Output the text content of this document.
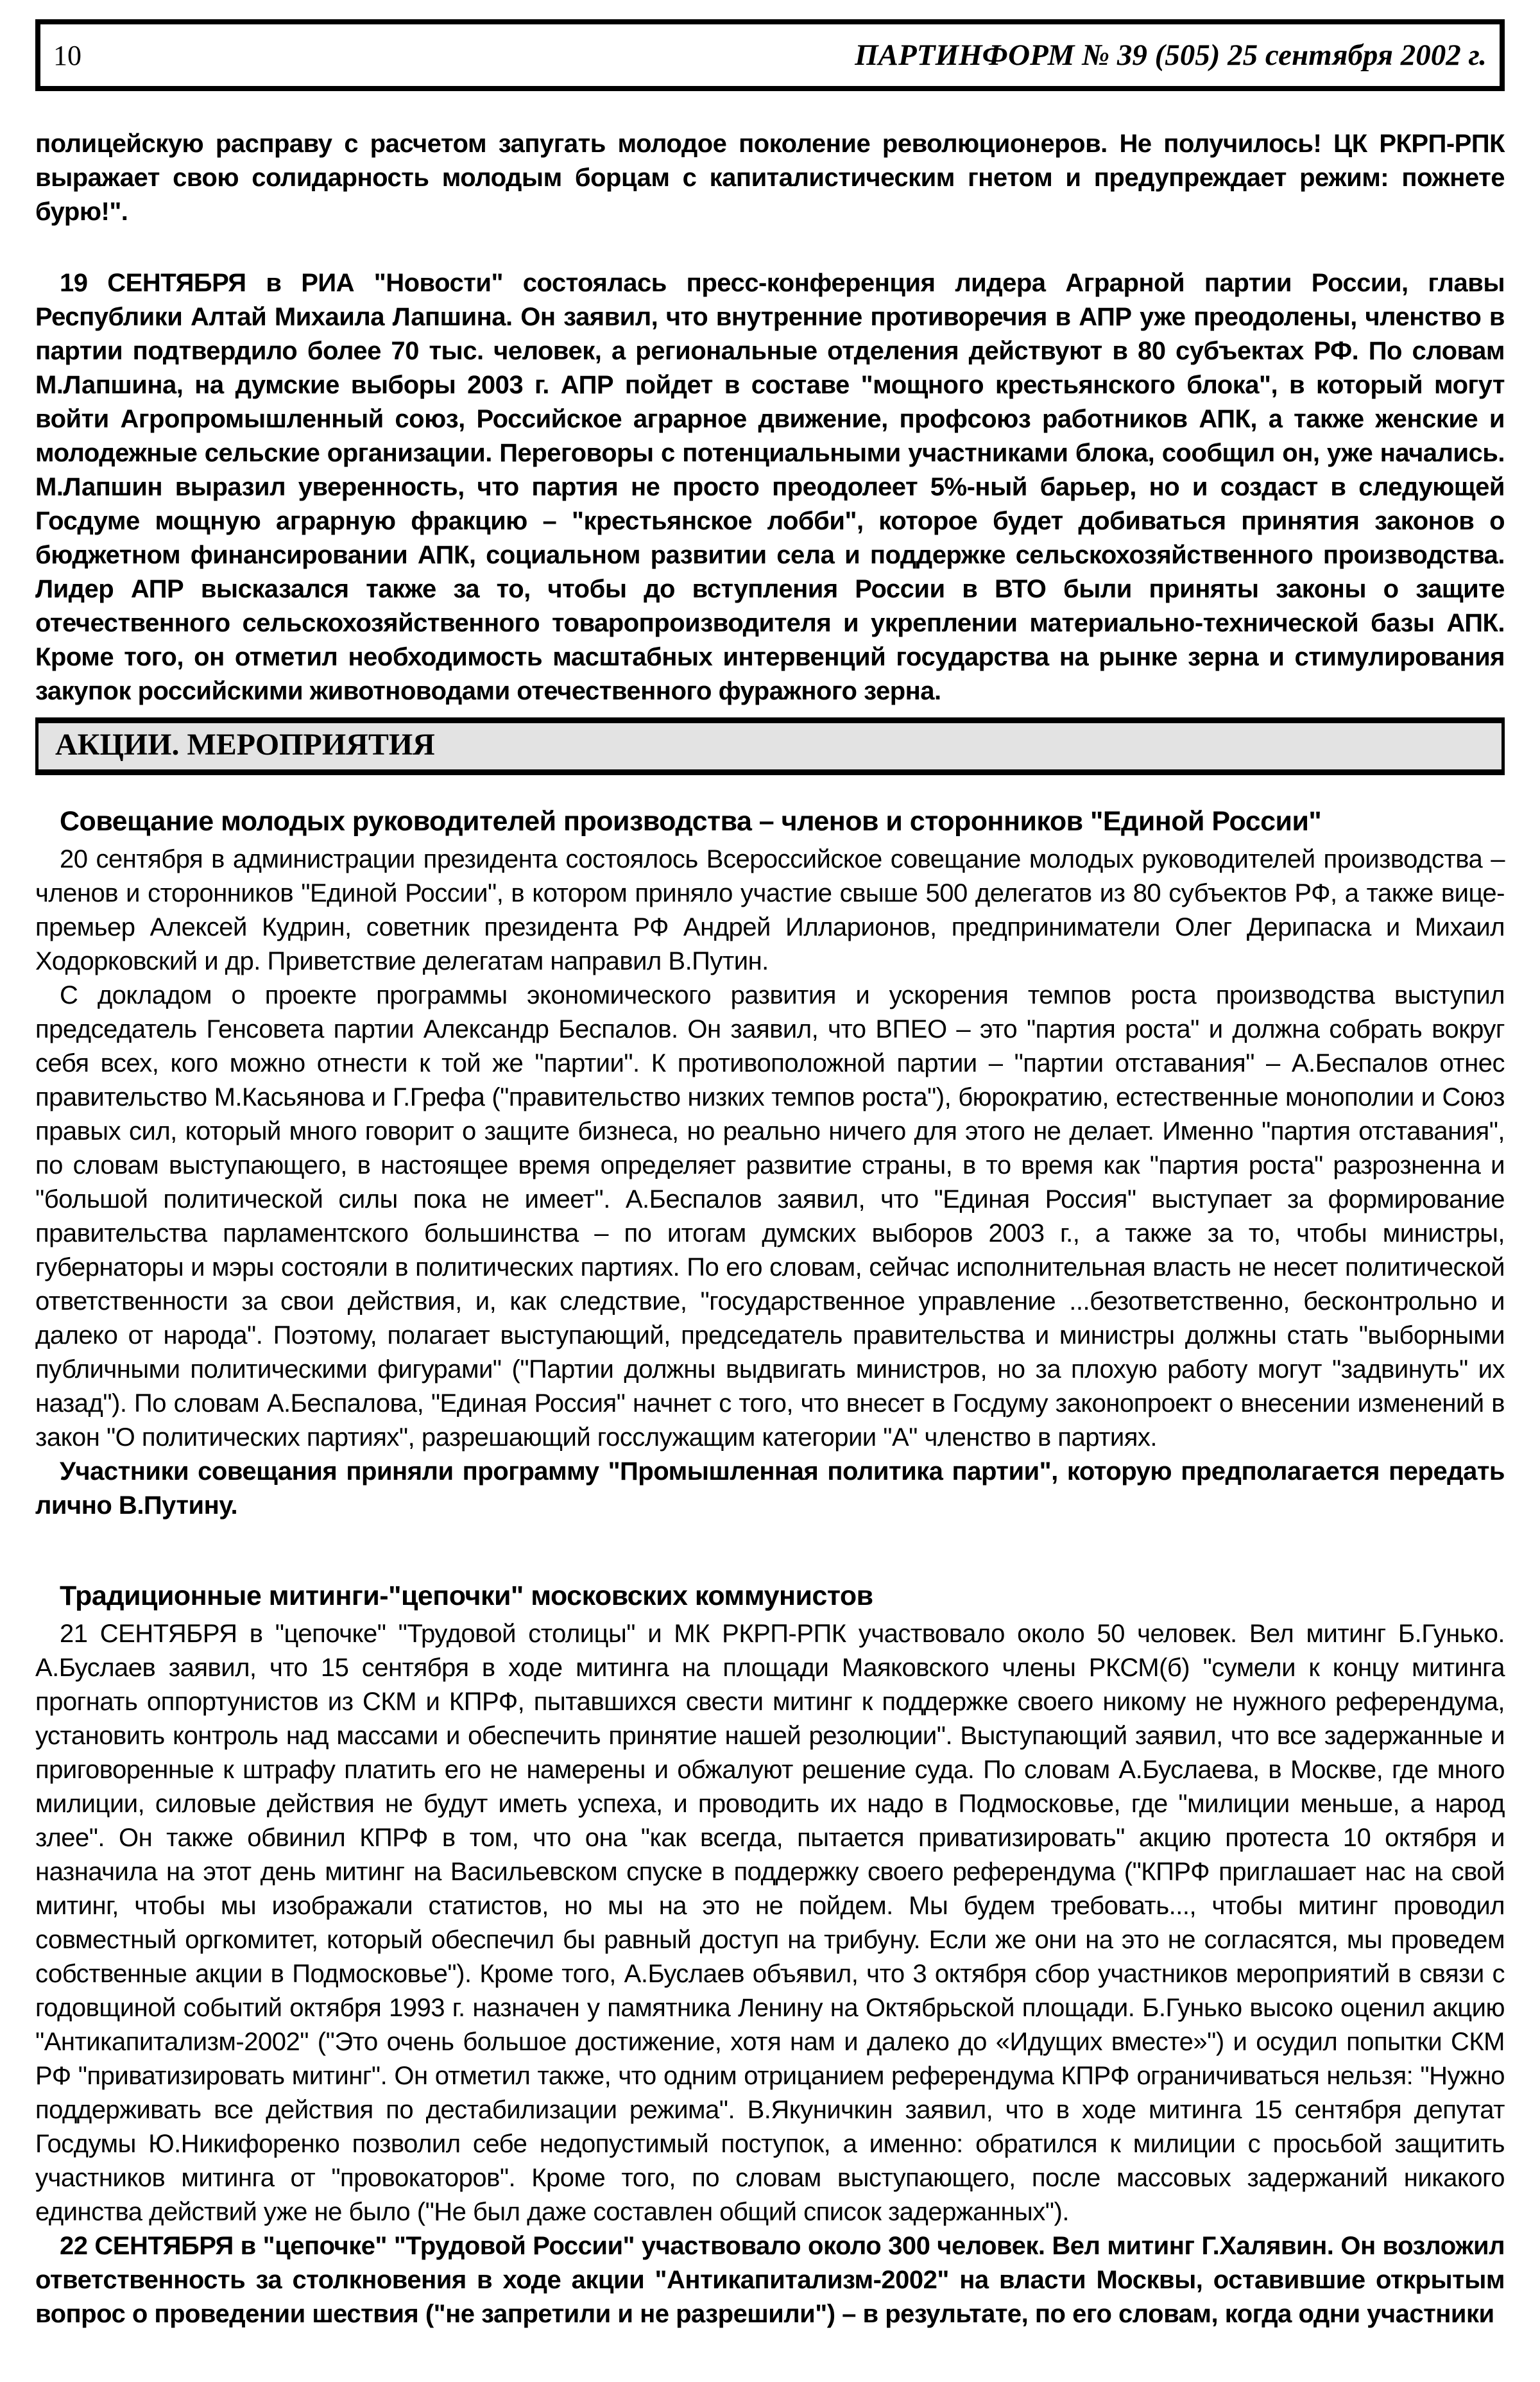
10	ПАРТИНФОРМ № 39 (505) 25 сентября 2002 г.

полицейскую расправу с расчетом запугать молодое поколение революционеров. Не получилось! ЦК РКРП-РПК выражает свою солидарность молодым борцам с капиталистическим гнетом и предупреждает режим: пожнете бурю!".

19 СЕНТЯБРЯ в РИА "Новости" состоялась пресс-конференция лидера Аграрной партии России, главы Республики Алтай Михаила Лапшина. Он заявил, что внутренние противоречия в АПР уже преодолены, членство в партии подтвердило более 70 тыс. человек, а региональные отделения действуют в 80 субъектах РФ. По словам М.Лапшина, на думские выборы 2003 г. АПР пойдет в составе "мощного крестьянского блока", в который могут войти Агропромышленный союз, Российское аграрное движение, профсоюз работников АПК, а также женские и молодежные сельские организации. Переговоры с потенциальными участниками блока, сообщил он, уже начались. М.Лапшин выразил уверенность, что партия не просто преодолеет 5%-ный барьер, но и создаст в следующей Госдуме мощную аграрную фракцию – "крестьянское лобби", которое будет добиваться принятия законов о бюджетном финансировании АПК, социальном развитии села и поддержке сельскохозяйственного производства. Лидер АПР высказался также за то, чтобы до вступления России в ВТО были приняты законы о защите отечественного сельскохозяйственного товаропроизводителя и укреплении материально-технической базы АПК. Кроме того, он отметил необходимость масштабных интервенций государства на рынке зерна и стимулирования закупок российскими животноводами отечественного фуражного зерна.

АКЦИИ. МЕРОПРИЯТИЯ
Совещание молодых руководителей производства – членов и сторонников "Единой России"

20 сентября в администрации президента состоялось Всероссийское совещание молодых руководителей производства – членов и сторонников "Единой России", в котором приняло участие свыше 500 делегатов из 80 субъектов РФ, а также вице-премьер Алексей Кудрин, советник президента РФ Андрей Илларионов, предприниматели Олег Дерипаска и Михаил Ходорковский и др. Приветствие делегатам направил В.Путин.

С докладом о проекте программы экономического развития и ускорения темпов роста производства выступил председатель Генсовета партии Александр Беспалов. Он заявил, что ВПЕО – это "партия роста" и должна собрать вокруг себя всех, кого можно отнести к той же "партии". К противоположной партии – "партии отставания" – А.Беспалов отнес правительство М.Касьянова и Г.Грефа ("правительство низких темпов роста"), бюрократию, естественные монополии и Союз правых сил, который много говорит о защите бизнеса, но реально ничего для этого не делает. Именно "партия отставания", по словам выступающего, в настоящее время определяет развитие страны, в то время как "партия роста" разрозненна и "большой политической силы пока не имеет". А.Беспалов заявил, что "Единая Россия" выступает за формирование правительства парламентского большинства – по итогам думских выборов 2003 г., а также за то, чтобы министры, губернаторы и мэры состояли в политических партиях. По его словам, сейчас исполнительная власть не несет политической ответственности за свои действия, и, как следствие, "государственное управление ...безответственно, бесконтрольно и далеко от народа". Поэтому, полагает выступающий, председатель правительства и министры должны стать "выборными публичными политическими фигурами" ("Партии должны выдвигать министров, но за плохую работу могут "задвинуть" их назад"). По словам А.Беспалова, "Единая Россия" начнет с того, что внесет в Госдуму законопроект о внесении изменений в закон "О политических партиях", разрешающий госслужащим категории "А" членство в партиях.

Участники совещания приняли программу "Промышленная политика партии", которую предполагается передать лично В.Путину.

Традиционные митинги-"цепочки" московских коммунистов

21 СЕНТЯБРЯ в "цепочке" "Трудовой столицы" и МК РКРП-РПК участвовало около 50 человек. Вел митинг Б.Гунько. А.Буслаев заявил, что 15 сентября в ходе митинга на площади Маяковского члены РКСМ(б) "сумели к концу митинга прогнать оппортунистов из СКМ и КПРФ, пытавшихся свести митинг к поддержке своего никому не нужного референдума, установить контроль над массами и обеспечить принятие нашей резолюции". Выступающий заявил, что все задержанные и приговоренные к штрафу платить его не намерены и обжалуют решение суда. По словам А.Буслаева, в Москве, где много милиции, силовые действия не будут иметь успеха, и проводить их надо в Подмосковье, где "милиции меньше, а народ злее". Он также обвинил КПРФ в том, что она "как всегда, пытается приватизировать" акцию протеста 10 октября и назначила на этот день митинг на Васильевском спуске в поддержку своего референдума ("КПРФ приглашает нас на свой митинг, чтобы мы изображали статистов, но мы на это не пойдем. Мы будем требовать..., чтобы митинг проводил совместный оргкомитет, который обеспечил бы равный доступ на трибуну. Если же они на это не согласятся, мы проведем собственные акции в Подмосковье"). Кроме того, А.Буслаев объявил, что 3 октября сбор участников мероприятий в связи с годовщиной событий октября 1993 г. назначен у памятника Ленину на Октябрьской площади. Б.Гунько высоко оценил акцию "Антикапитализм-2002" ("Это очень большое достижение, хотя нам и далеко до «Идущих вместе»") и осудил попытки СКМ РФ "приватизировать митинг". Он отметил также, что одним отрицанием референдума КПРФ ограничиваться нельзя: "Нужно поддерживать все действия по дестабилизации режима". В.Якуничкин заявил, что в ходе митинга 15 сентября депутат Госдумы Ю.Никифоренко позволил себе недопустимый поступок, а именно: обратился к милиции с просьбой защитить участников митинга от "провокаторов". Кроме того, по словам выступающего, после массовых задержаний никакого единства действий уже не было ("Не был даже составлен общий список задержанных").

22 СЕНТЯБРЯ в "цепочке" "Трудовой России" участвовало около 300 человек. Вел митинг Г.Халявин. Он возложил ответственность за столкновения в ходе акции "Антикапитализм-2002" на власти Москвы, оставившие открытым вопрос о проведении шествия ("не запретили и не разрешили") – в результате, по его словам, когда одни участники
